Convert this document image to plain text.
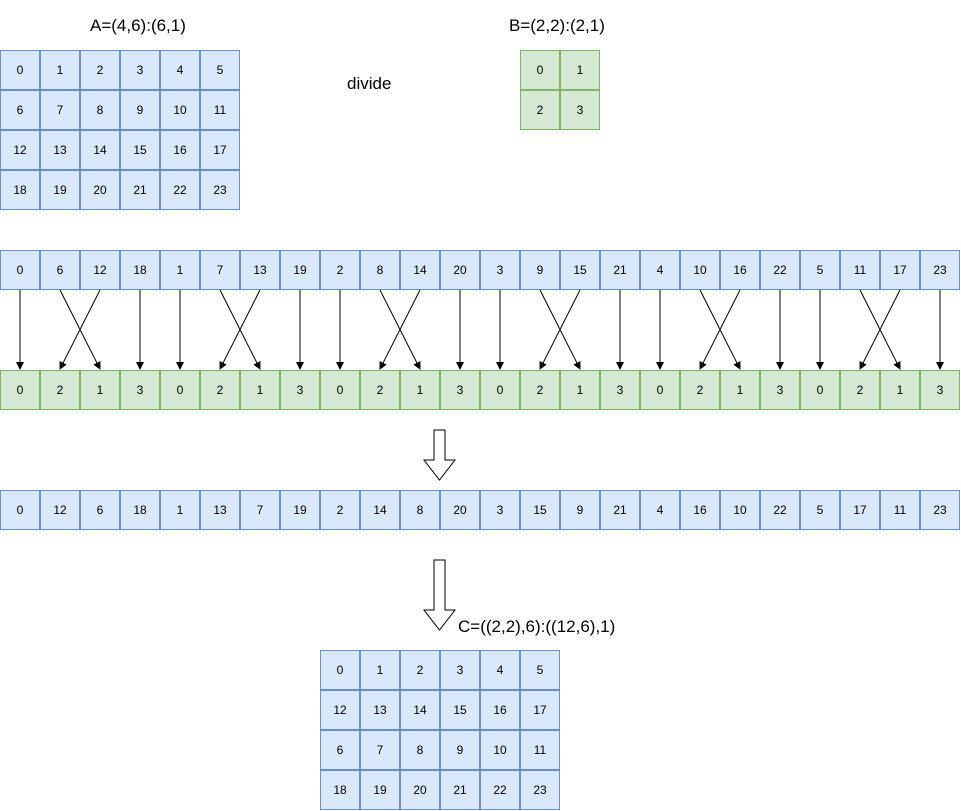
A=(4,6):(6,1)	B=(2,2):(2,1)
divide
C=((2,2),6):((12,6),1)
0	1	2	3	4	5
6	7	8	9	10	11
12	13	14	15	16	17
18	19	20	21	22	23
0	1
2	3
0	6	12	18	1	7	13	19	2	8	14	20	3	9	15	21	4	10	16	22	5	11	17	23
0	2	1	3	0	2	1	3	0	2	1	3	0	2	1	3	0	2	1	3	0	2	1	3
0	12	6	18	1	13	7	19	2	14	8	20	3	15	9	21	4	16	10	22	5	17	11	23
0	1	2	3	4	5
12	13	14	15	16	17
6	7	8	9	10	11
18	19	20	21	22	23
